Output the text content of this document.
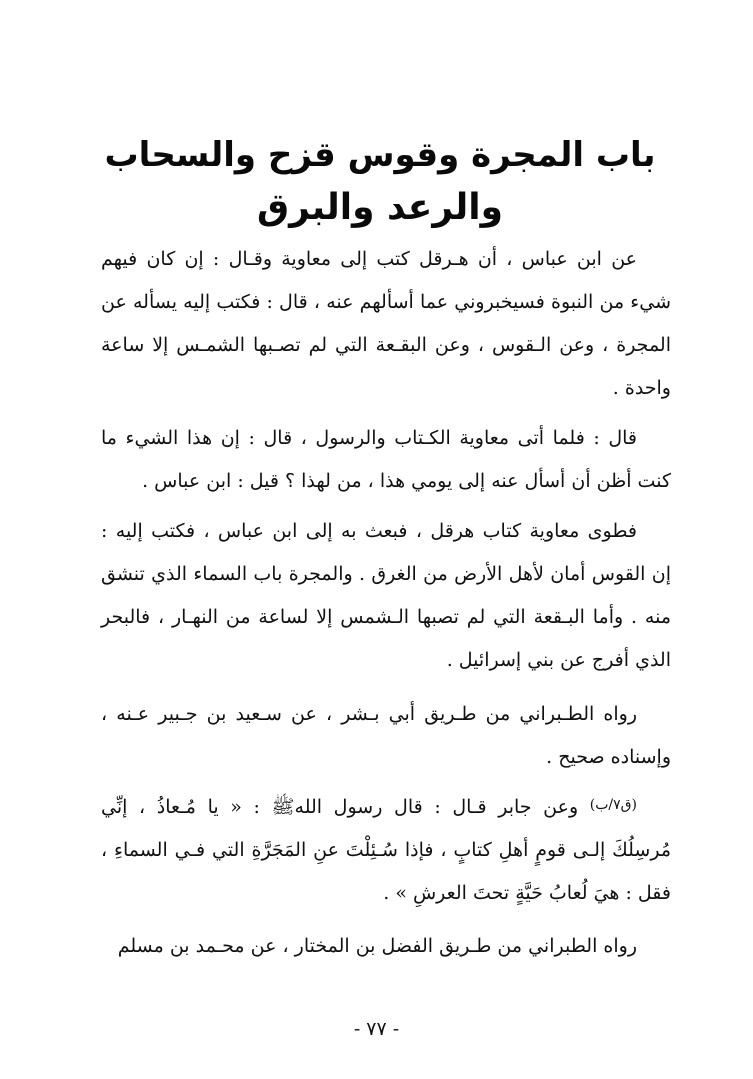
باب المجرة وقوس قزح والسحاب
والرعد والبرق
عن ابن عباس ، أن هـرقل كتب إلى معاوية وقـال : إن كان فيهم
شيء من النبوة فسيخبروني عما أسألهم عنه ، قال : فكتب إليه يسأله عن
المجرة ، وعن الـقوس ، وعن البقـعة التي لم تصـبها الشمـس إلا ساعة
واحدة .
قال : فلما أتى معاوية الكـتاب والرسول ، قال : إن هذا الشيء ما
كنت أظن أن أسأل عنه إلى يومي هذا ، من لهذا ؟ قيل : ابن عباس .
فطوى معاوية كتاب هرقل ، فبعث به إلى ابن عباس ، فكتب إليه :
إن القوس أمان لأهل الأرض من الغرق . والمجرة باب السماء الذي تنشق
منه . وأما البـقعة التي لم تصبها الـشمس إلا لساعة من النهـار ، فالبحر
الذي أفرج عن بني إسرائيل .
رواه الطـبراني من طـريق أبي بـشر ، عن سـعيد بن جـبير عـنه ،
وإسناده صحيح .
$^{(ق٧/ب)}$ وعن جابر قـال : قال رسول اللهﷺ : « يا مُـعاذُ ، إنِّي
مُرسِلُكَ إلـى قومٍ أهلِ كتابٍ ، فإذا سُـئِلْتَ عنِ المَجَرَّةِ التي فـي السماءِ ،
فقل : هيَ لُعابُ حَيَّةٍ تحتَ العرشِ » .
رواه الطبراني من طـريق الفضل بن المختار ، عن محـمد بن مسلم
- ٧٧ -
